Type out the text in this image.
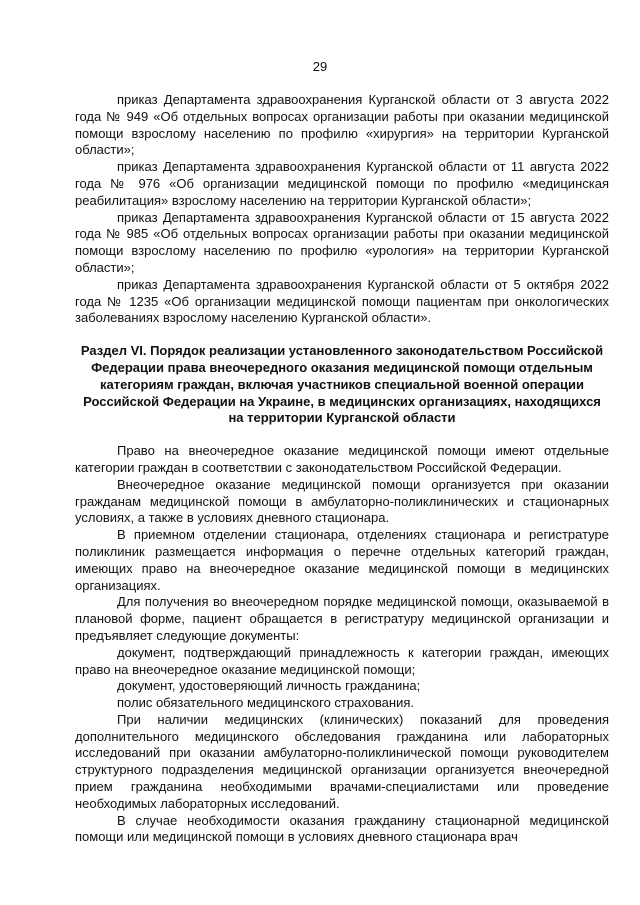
29

приказ Департамента здравоохранения Курганской области от 3 августа 2022 года № 949 «Об отдельных вопросах организации работы при оказании медицинской помощи взрослому населению по профилю «хирургия» на территории Курганской области»;

приказ Департамента здравоохранения Курганской области от 11 августа 2022 года № 976 «Об организации медицинской помощи по профилю «медицинская реабилитация» взрослому населению на территории Курганской области»;

приказ Департамента здравоохранения Курганской области от 15 августа 2022 года № 985 «Об отдельных вопросах организации работы при оказании медицинской помощи взрослому населению по профилю «урология» на территории Курганской области»;

приказ Департамента здравоохранения Курганской области от 5 октября 2022 года № 1235 «Об организации медицинской помощи пациентам при онкологических заболеваниях взрослому населению Курганской области».

Раздел VI. Порядок реализации установленного законодательством Российской Федерации права внеочередного оказания медицинской помощи отдельным категориям граждан, включая участников специальной военной операции Российской Федерации на Украине, в медицинских организациях, находящихся на территории Курганской области

Право на внеочередное оказание медицинской помощи имеют отдельные категории граждан в соответствии с законодательством Российской Федерации.

Внеочередное оказание медицинской помощи организуется при оказании гражданам медицинской помощи в амбулаторно-поликлинических и стационарных условиях, а также в условиях дневного стационара.

В приемном отделении стационара, отделениях стационара и регистратуре поликлиник размещается информация о перечне отдельных категорий граждан, имеющих право на внеочередное оказание медицинской помощи в медицинских организациях.

Для получения во внеочередном порядке медицинской помощи, оказываемой в плановой форме, пациент обращается в регистратуру медицинской организации и предъявляет следующие документы:

документ, подтверждающий принадлежность к категории граждан, имеющих право на внеочередное оказание медицинской помощи;

документ, удостоверяющий личность гражданина;

полис обязательного медицинского страхования.

При наличии медицинских (клинических) показаний для проведения дополнительного медицинского обследования гражданина или лабораторных исследований при оказании амбулаторно-поликлинической помощи руководителем структурного подразделения медицинской организации организуется внеочередной прием гражданина необходимыми врачами-специалистами или проведение необходимых лабораторных исследований.

В случае необходимости оказания гражданину стационарной медицинской помощи или медицинской помощи в условиях дневного стационара врач
